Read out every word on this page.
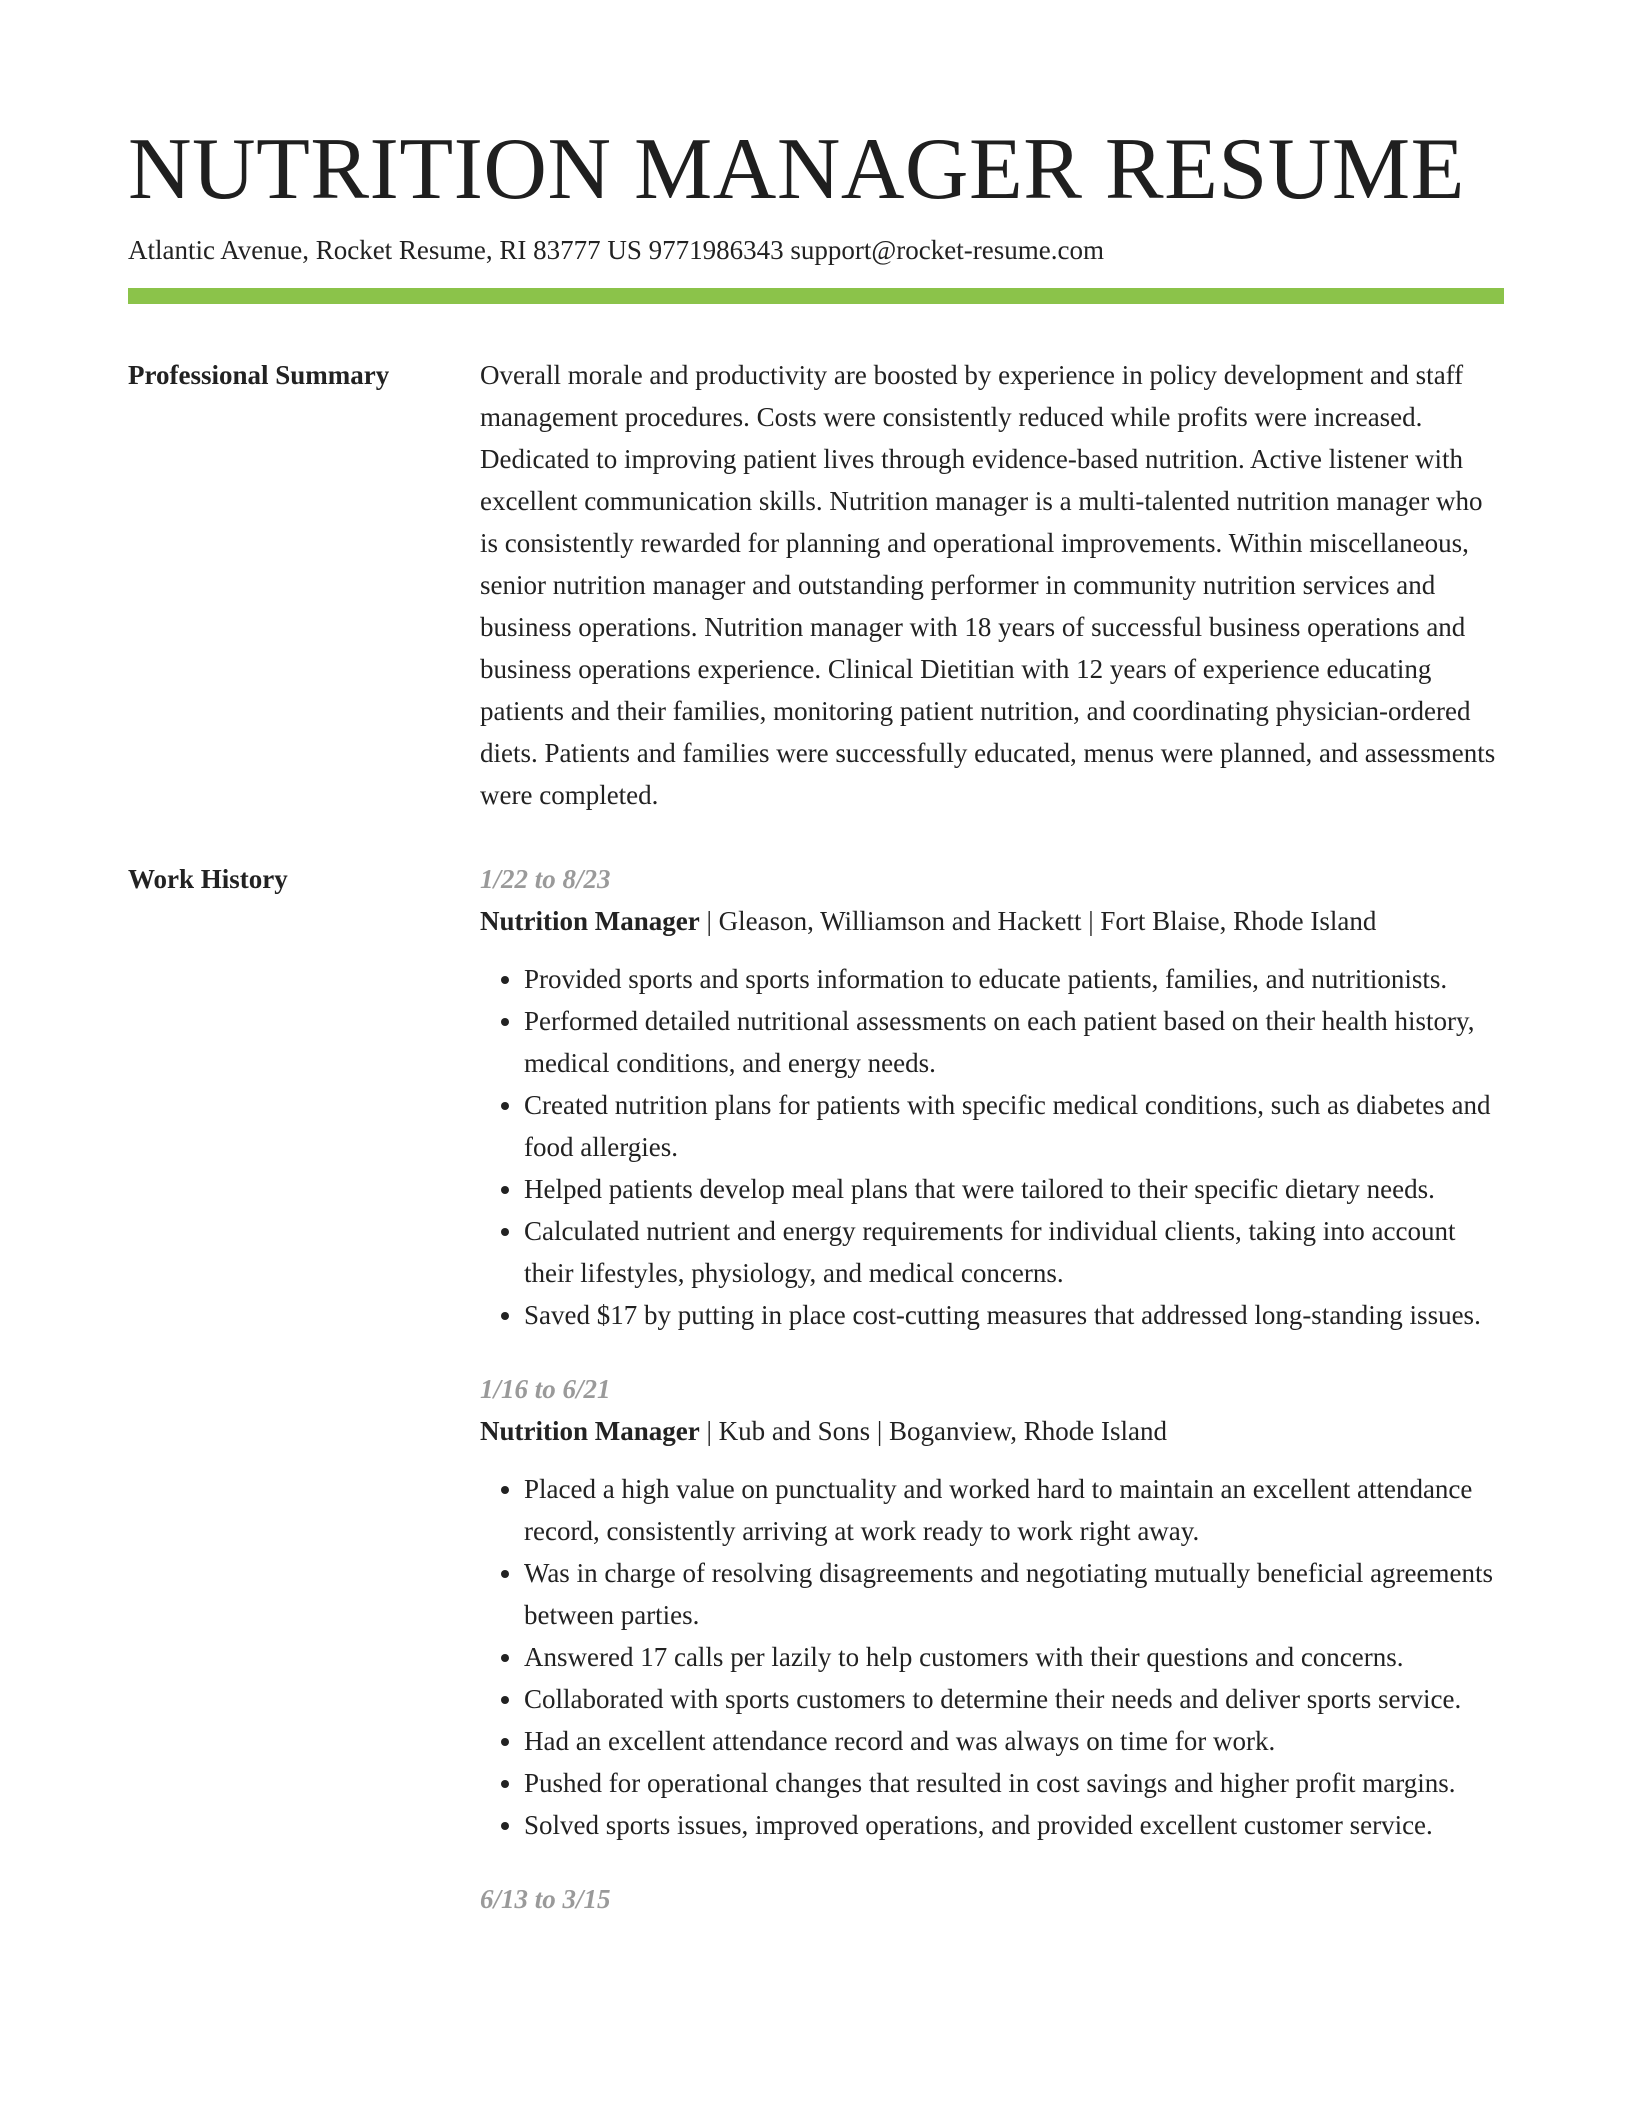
NUTRITION MANAGER RESUME
Atlantic Avenue, Rocket Resume, RI 83777 US 9771986343 support@rocket-resume.com
Professional Summary	Overall morale and productivity are boosted by experience in policy development and staff management procedures. Costs were consistently reduced while profits were increased. Dedicated to improving patient lives through evidence-based nutrition. Active listener with excellent communication skills. Nutrition manager is a multi-talented nutrition manager who is consistently rewarded for planning and operational improvements. Within miscellaneous, senior nutrition manager and outstanding performer in community nutrition services and business operations. Nutrition manager with 18 years of successful business operations and business operations experience. Clinical Dietitian with 12 years of experience educating patients and their families, monitoring patient nutrition, and coordinating physician-ordered diets. Patients and families were successfully educated, menus were planned, and assessments were completed.

Work History	1/22 to 8/23
Nutrition Manager | Gleason, Williamson and Hackett | Fort Blaise, Rhode Island
• Provided sports and sports information to educate patients, families, and nutritionists.
• Performed detailed nutritional assessments on each patient based on their health history, medical conditions, and energy needs.
• Created nutrition plans for patients with specific medical conditions, such as diabetes and food allergies.
• Helped patients develop meal plans that were tailored to their specific dietary needs.
• Calculated nutrient and energy requirements for individual clients, taking into account their lifestyles, physiology, and medical concerns.
• Saved $17 by putting in place cost-cutting measures that addressed long-standing issues.
1/16 to 6/21
Nutrition Manager | Kub and Sons | Boganview, Rhode Island
• Placed a high value on punctuality and worked hard to maintain an excellent attendance record, consistently arriving at work ready to work right away.
• Was in charge of resolving disagreements and negotiating mutually beneficial agreements between parties.
• Answered 17 calls per lazily to help customers with their questions and concerns.
• Collaborated with sports customers to determine their needs and deliver sports service.
• Had an excellent attendance record and was always on time for work.
• Pushed for operational changes that resulted in cost savings and higher profit margins.
• Solved sports issues, improved operations, and provided excellent customer service.
6/13 to 3/15
